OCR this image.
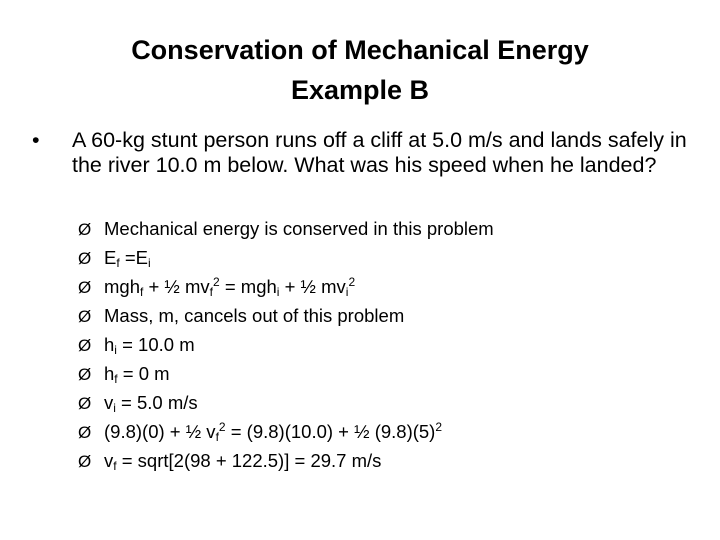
Conservation of Mechanical Energy
Example B
•	A 60-kg stunt person runs off a cliff at 5.0 m/s and lands safely in the river 10.0 m below. What was his speed when he landed?
Ø Mechanical energy is conserved in this problem
Ø $E_f =E_i$
Ø mgh$_f$ + ½ $mv_f^2 = mgh_i$ + ½ $mv_i^2$
Ø Mass, m, cancels out of this problem
Ø $h_i = 10.0$ m
Ø $h_f = 0$ m
Ø $v_i = 5.0$ m/s
Ø (9.8)(0) + ½ $v_f^2 = (9.8)(10.0)$ + ½ $(9.8)(5)^2$
Ø $v_f$ = sqrt[2(98 + 122.5)] = 29.7 m/s
